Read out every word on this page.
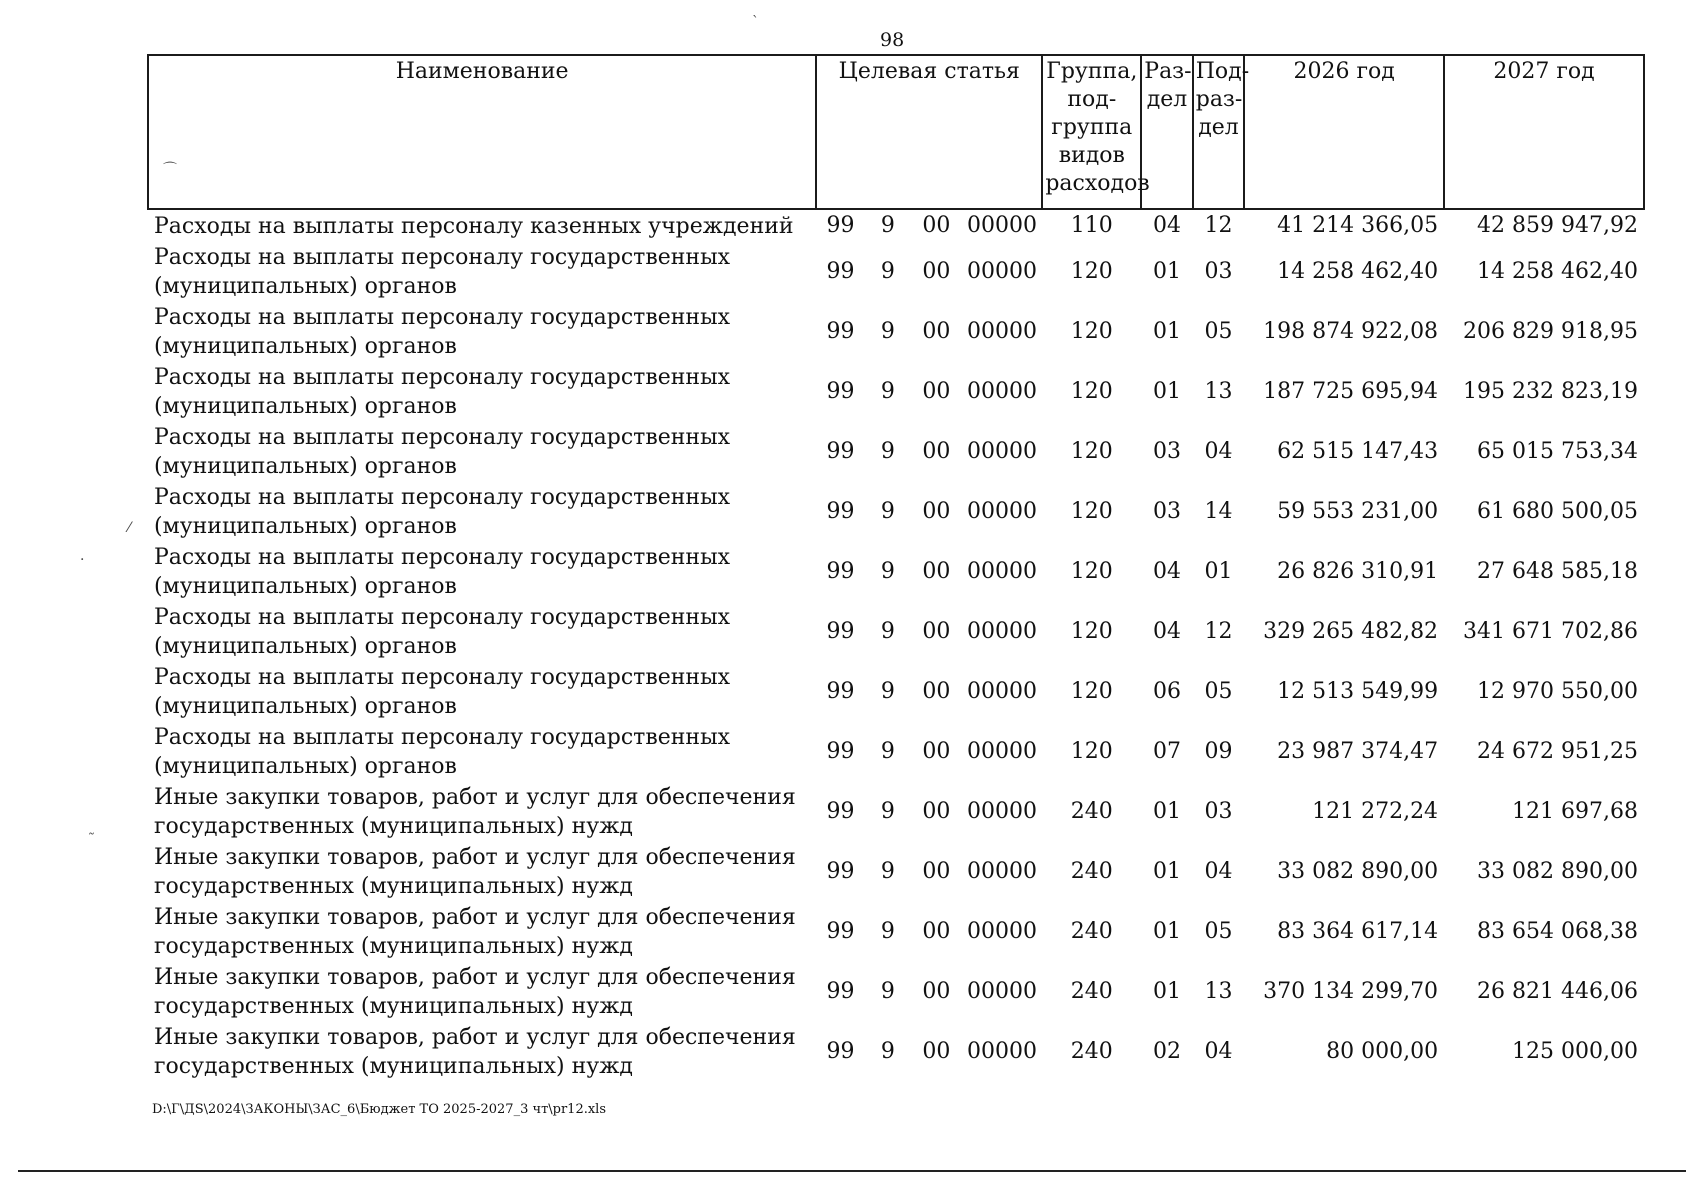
98
Наименование
⌒	Целевая статья				Группа, под- группа видов расходов	Раз- дел	Под- раз- дел	2026 год	2027 год
Расходы на выплаты персоналу казенных учреждений	99	9	00	00000	110	04	12	41 214 366,05	42 859 947,92
Расходы на выплаты персоналу государственных (муниципальных) органов	99	9	00	00000	120	01	03	14 258 462,40	14 258 462,40
Расходы на выплаты персоналу государственных (муниципальных) органов	99	9	00	00000	120	01	05	198 874 922,08	206 829 918,95
Расходы на выплаты персоналу государственных (муниципальных) органов	99	9	00	00000	120	01	13	187 725 695,94	195 232 823,19
Расходы на выплаты персоналу государственных (муниципальных) органов	99	9	00	00000	120	03	04	62 515 147,43	65 015 753,34
Расходы на выплаты персоналу государственных (муниципальных) органов	99	9	00	00000	120	03	14	59 553 231,00	61 680 500,05
Расходы на выплаты персоналу государственных (муниципальных) органов	99	9	00	00000	120	04	01	26 826 310,91	27 648 585,18
Расходы на выплаты персоналу государственных (муниципальных) органов	99	9	00	00000	120	04	12	329 265 482,82	341 671 702,86
Расходы на выплаты персоналу государственных (муниципальных) органов	99	9	00	00000	120	06	05	12 513 549,99	12 970 550,00
Расходы на выплаты персоналу государственных (муниципальных) органов	99	9	00	00000	120	07	09	23 987 374,47	24 672 951,25
Иные закупки товаров, работ и услуг для обеспечения государственных (муниципальных) нужд	99	9	00	00000	240	01	03	121 272,24	121 697,68
Иные закупки товаров, работ и услуг для обеспечения государственных (муниципальных) нужд	99	9	00	00000	240	01	04	33 082 890,00	33 082 890,00
Иные закупки товаров, работ и услуг для обеспечения государственных (муниципальных) нужд	99	9	00	00000	240	01	05	83 364 617,14	83 654 068,38
Иные закупки товаров, работ и услуг для обеспечения государственных (муниципальных) нужд	99	9	00	00000	240	01	13	370 134 299,70	26 821 446,06
Иные закупки товаров, работ и услуг для обеспечения государственных (муниципальных) нужд	99	9	00	00000	240	02	04	80 000,00	125 000,00
ˋ
⁄
·
˷
D:\Г\ДS\2024\ЗАКОНЫ\ЗАС_6\Бюджет ТО 2025-2027_3 чт\pr12.xls
